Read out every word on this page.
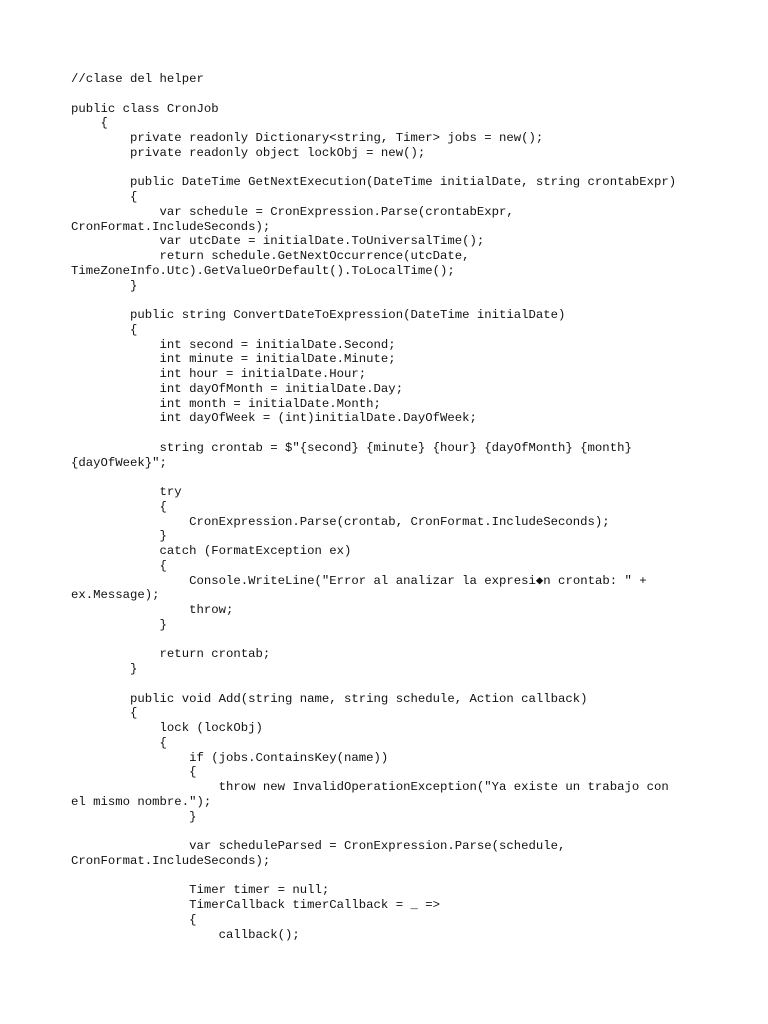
//clase del helper
public class CronJob
{
private readonly Dictionary<string, Timer> jobs = new();
private readonly object lockObj = new();
public DateTime GetNextExecution(DateTime initialDate, string crontabExpr)
{
var schedule = CronExpression.Parse(crontabExpr,
CronFormat.IncludeSeconds);
var utcDate = initialDate.ToUniversalTime();
return schedule.GetNextOccurrence(utcDate,
TimeZoneInfo.Utc).GetValueOrDefault().ToLocalTime();
}
public string ConvertDateToExpression(DateTime initialDate)
{
int second = initialDate.Second;
int minute = initialDate.Minute;
int hour = initialDate.Hour;
int dayOfMonth = initialDate.Day;
int month = initialDate.Month;
int dayOfWeek = (int)initialDate.DayOfWeek;
string crontab = $"{second} {minute} {hour} {dayOfMonth} {month}
{dayOfWeek}";
try
{
CronExpression.Parse(crontab, CronFormat.IncludeSeconds);
}
catch (FormatException ex)
{
Console.WriteLine("Error al analizar la expresi◆n crontab: " +
ex.Message);
throw;
}
return crontab;
}
public void Add(string name, string schedule, Action callback)
{
lock (lockObj)
{
if (jobs.ContainsKey(name))
{
throw new InvalidOperationException("Ya existe un trabajo con
el mismo nombre.");
}
var scheduleParsed = CronExpression.Parse(schedule,
CronFormat.IncludeSeconds);
Timer timer = null;
TimerCallback timerCallback = _ =>
{
callback();
